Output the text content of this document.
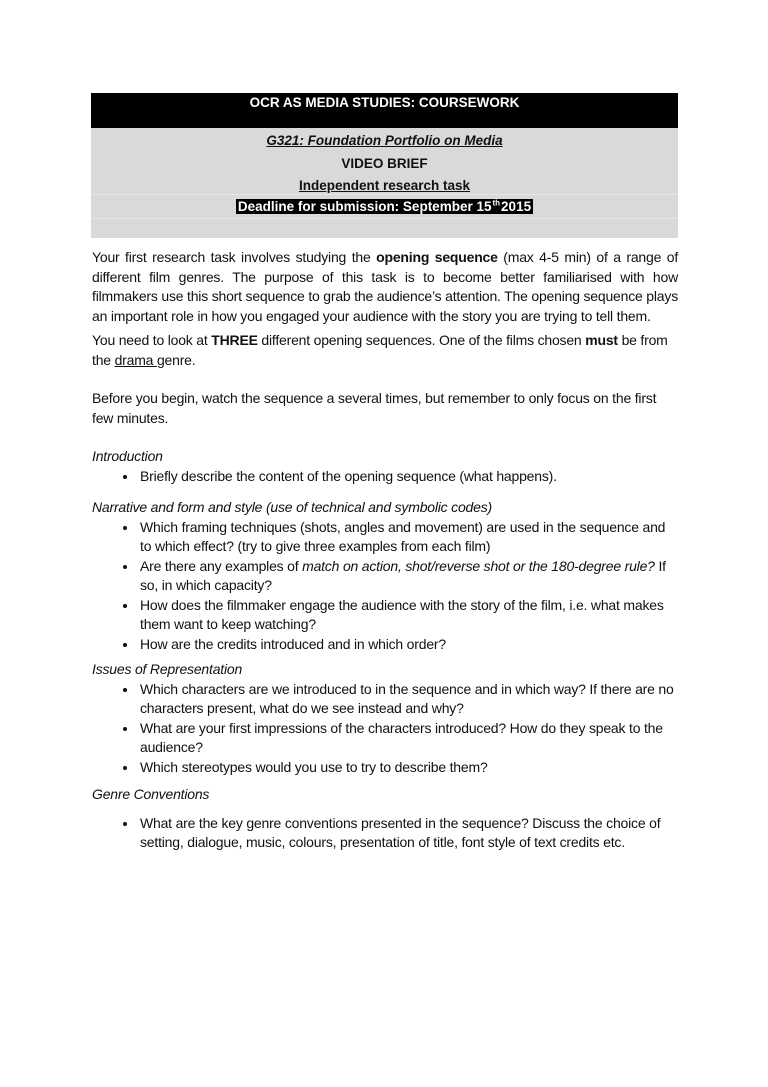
OCR AS MEDIA STUDIES: COURSEWORK
G321: Foundation Portfolio on Media
VIDEO BRIEF
Independent research task
Deadline for submission: September 15th2015

Your first research task involves studying the opening sequence (max 4-5 min) of a range of different film genres. The purpose of this task is to become better familiarised with how filmmakers use this short sequence to grab the audience’s attention. The opening sequence plays an important role in how you engaged your audience with the story you are trying to tell them.

You need to look at THREE different opening sequences. One of the films chosen must be from the drama genre.

Before you begin, watch the sequence a several times, but remember to only focus on the first few minutes.

Introduction
• Briefly describe the content of the opening sequence (what happens).
Narrative and form and style (use of technical and symbolic codes)
• Which framing techniques (shots, angles and movement) are used in the sequence and to which effect? (try to give three examples from each film)
• Are there any examples of match on action, shot/reverse shot or the 180-degree rule? If so, in which capacity?
• How does the filmmaker engage the audience with the story of the film, i.e. what makes them want to keep watching?
• How are the credits introduced and in which order?
Issues of Representation
• Which characters are we introduced to in the sequence and in which way? If there are no characters present, what do we see instead and why?
• What are your first impressions of the characters introduced? How do they speak to the audience?
• Which stereotypes would you use to try to describe them?
Genre Conventions
• What are the key genre conventions presented in the sequence? Discuss the choice of setting, dialogue, music, colours, presentation of title, font style of text credits etc.
